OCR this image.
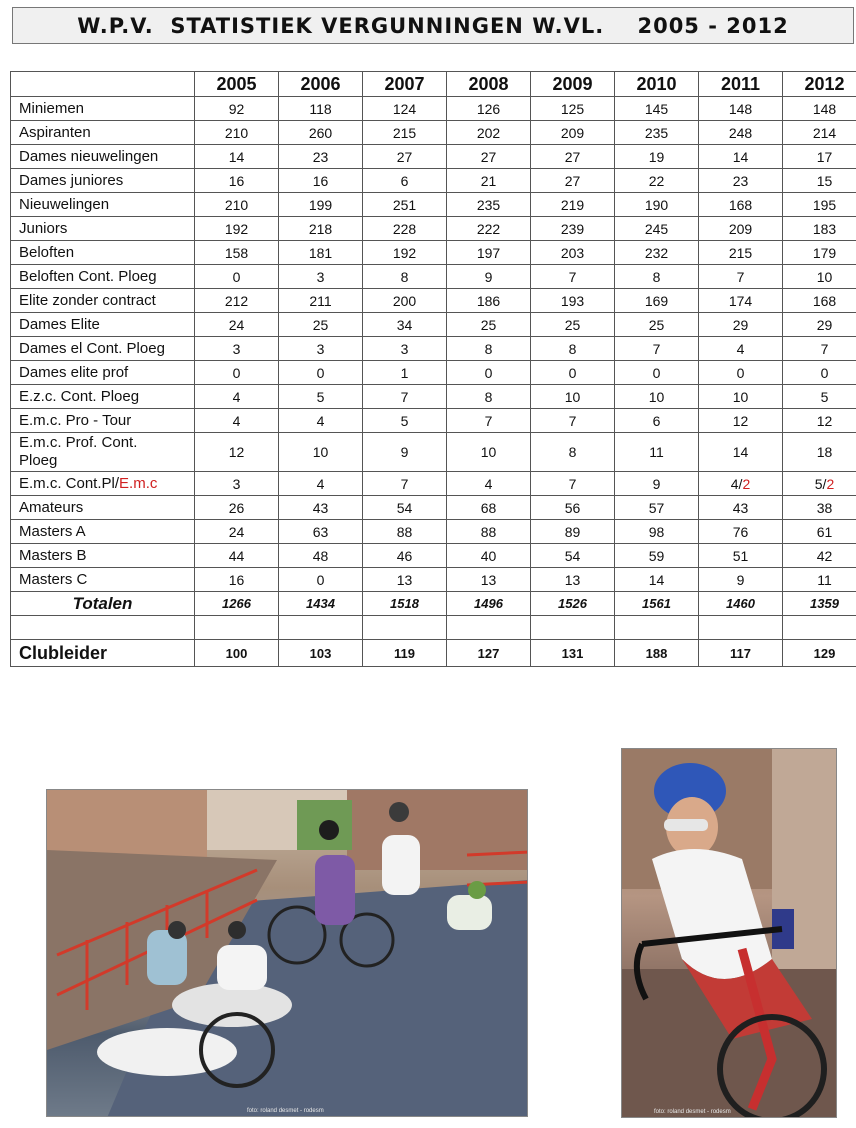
W.P.V.  STATISTIEK VERGUNNINGEN W.VL.    2005 - 2012
	2005	2006	2007	2008	2009	2010	2011	2012
Miniemen	92	118	124	126	125	145	148	148
Aspiranten	210	260	215	202	209	235	248	214
Dames nieuwelingen	14	23	27	27	27	19	14	17
Dames juniores	16	16	6	21	27	22	23	15
Nieuwelingen	210	199	251	235	219	190	168	195
Juniors	192	218	228	222	239	245	209	183
Beloften	158	181	192	197	203	232	215	179
Beloften Cont. Ploeg	0	3	8	9	7	8	7	10
Elite zonder contract	212	211	200	186	193	169	174	168
Dames Elite	24	25	34	25	25	25	29	29
Dames el Cont. Ploeg	3	3	3	8	8	7	4	7
Dames elite prof	0	0	1	0	0	0	0	0
E.z.c. Cont. Ploeg	4	5	7	8	10	10	10	5
E.m.c. Pro - Tour	4	4	5	7	7	6	12	12
E.m.c. Prof. Cont.
Ploeg	12	10	9	10	8	11	14	18
E.m.c. Cont.Pl/E.m.c	3	4	7	4	7	9	4/2	5/2
Amateurs	26	43	54	68	56	57	43	38
Masters A	24	63	88	88	89	98	76	61
Masters B	44	48	46	40	54	59	51	42
Masters C	16	0	13	13	13	14	9	11
Totalen	1266	1434	1518	1496	1526	1561	1460	1359

Clubleider	100	103	119	127	131	188	117	129
foto: roland desmet - rodesm	foto: roland desmet - rodesm
